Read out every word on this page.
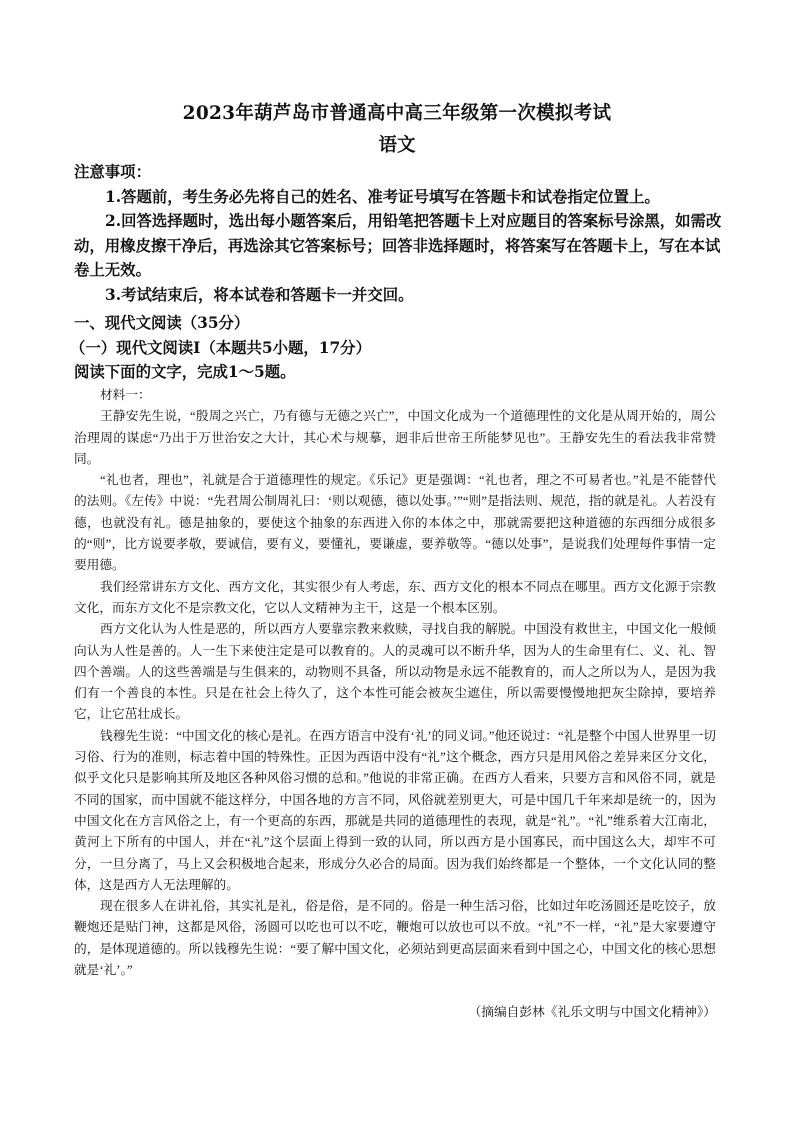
2023年葫芦岛市普通高中高三年级第一次模拟考试
语文

注意事项：

1.答题前，考生务必先将自己的姓名、准考证号填写在答题卡和试卷指定位置上。

2.回答选择题时，选出每小题答案后，用铅笔把答题卡上对应题目的答案标号涂黑，如需改动，用橡皮擦干净后，再选涂其它答案标号；回答非选择题时，将答案写在答题卡上，写在本试卷上无效。

3.考试结束后，将本试卷和答题卡一并交回。

一、现代文阅读（35分）
（一）现代文阅读Ⅰ（本题共5小题，17分）
阅读下面的文字，完成1～5题。

材料一：

王静安先生说，“殷周之兴亡，乃有德与无德之兴亡”，中国文化成为一个道德理性的文化是从周开始的，周公治理周的谋虑“乃出于万世治安之大计，其心术与规摹，迥非后世帝王所能梦见也”。王静安先生的看法我非常赞同。

“礼也者，理也”，礼就是合于道德理性的规定。《乐记》更是强调：“礼也者，理之不可易者也。”礼是不能替代的法则。《左传》中说：“先君周公制周礼曰：‘则以观德，德以处事。’”“则”是指法则、规范，指的就是礼。人若没有德，也就没有礼。德是抽象的，要使这个抽象的东西进入你的本体之中，那就需要把这种道德的东西细分成很多的“则”，比方说要孝敬，要诚信，要有义，要懂礼，要谦虚，要养敬等。“德以处事”，是说我们处理每件事情一定要用德。

我们经常讲东方文化、西方文化，其实很少有人考虑，东、西方文化的根本不同点在哪里。西方文化源于宗教文化，而东方文化不是宗教文化，它以人文精神为主干，这是一个根本区别。

西方文化认为人性是恶的，所以西方人要靠宗教来救赎，寻找自我的解脱。中国没有救世主，中国文化一般倾向认为人性是善的。人一生下来使注定是可以教育的。人的灵魂可以不断升华，因为人的生命里有仁、义、礼、智四个善端。人的这些善端是与生俱来的，动物则不具备，所以动物是永远不能教育的，而人之所以为人，是因为我们有一个善良的本性。只是在社会上待久了，这个本性可能会被灰尘遮住，所以需要慢慢地把灰尘除掉，要培养它，让它茁壮成长。

钱穆先生说：“中国文化的核心是礼。在西方语言中没有‘礼’的同义词。”他还说过：“礼是整个中国人世界里一切习俗、行为的准则，标志着中国的特殊性。正因为西语中没有“礼”这个概念，西方只是用风俗之差异来区分文化，似乎文化只是影响其所及地区各种风俗习惯的总和。”他说的非常正确。在西方人看来，只要方言和风俗不同，就是不同的国家，而中国就不能这样分，中国各地的方言不同，风俗就差别更大，可是中国几千年来却是统一的，因为中国文化在方言风俗之上，有一个更高的东西，那就是共同的道德理性的表现，就是“礼”。“礼”维系着大江南北，黄河上下所有的中国人，并在“礼”这个层面上得到一致的认同，所以西方是小国寡民，而中国这么大，却牢不可分，一旦分离了，马上又会积极地合起来，形成分久必合的局面。因为我们始终都是一个整体，一个文化认同的整体，这是西方人无法理解的。

现在很多人在讲礼俗，其实礼是礼，俗是俗，是不同的。俗是一种生活习俗，比如过年吃汤圆还是吃饺子，放鞭炮还是贴门神，这都是风俗，汤圆可以吃也可以不吃，鞭炮可以放也可以不放。“礼”不一样，“礼”是大家要遵守的，是体现道德的。所以钱穆先生说：“要了解中国文化，必须站到更高层面来看到中国之心，中国文化的核心思想就是‘礼’。”

（摘编自彭林《礼乐文明与中国文化精神》）
